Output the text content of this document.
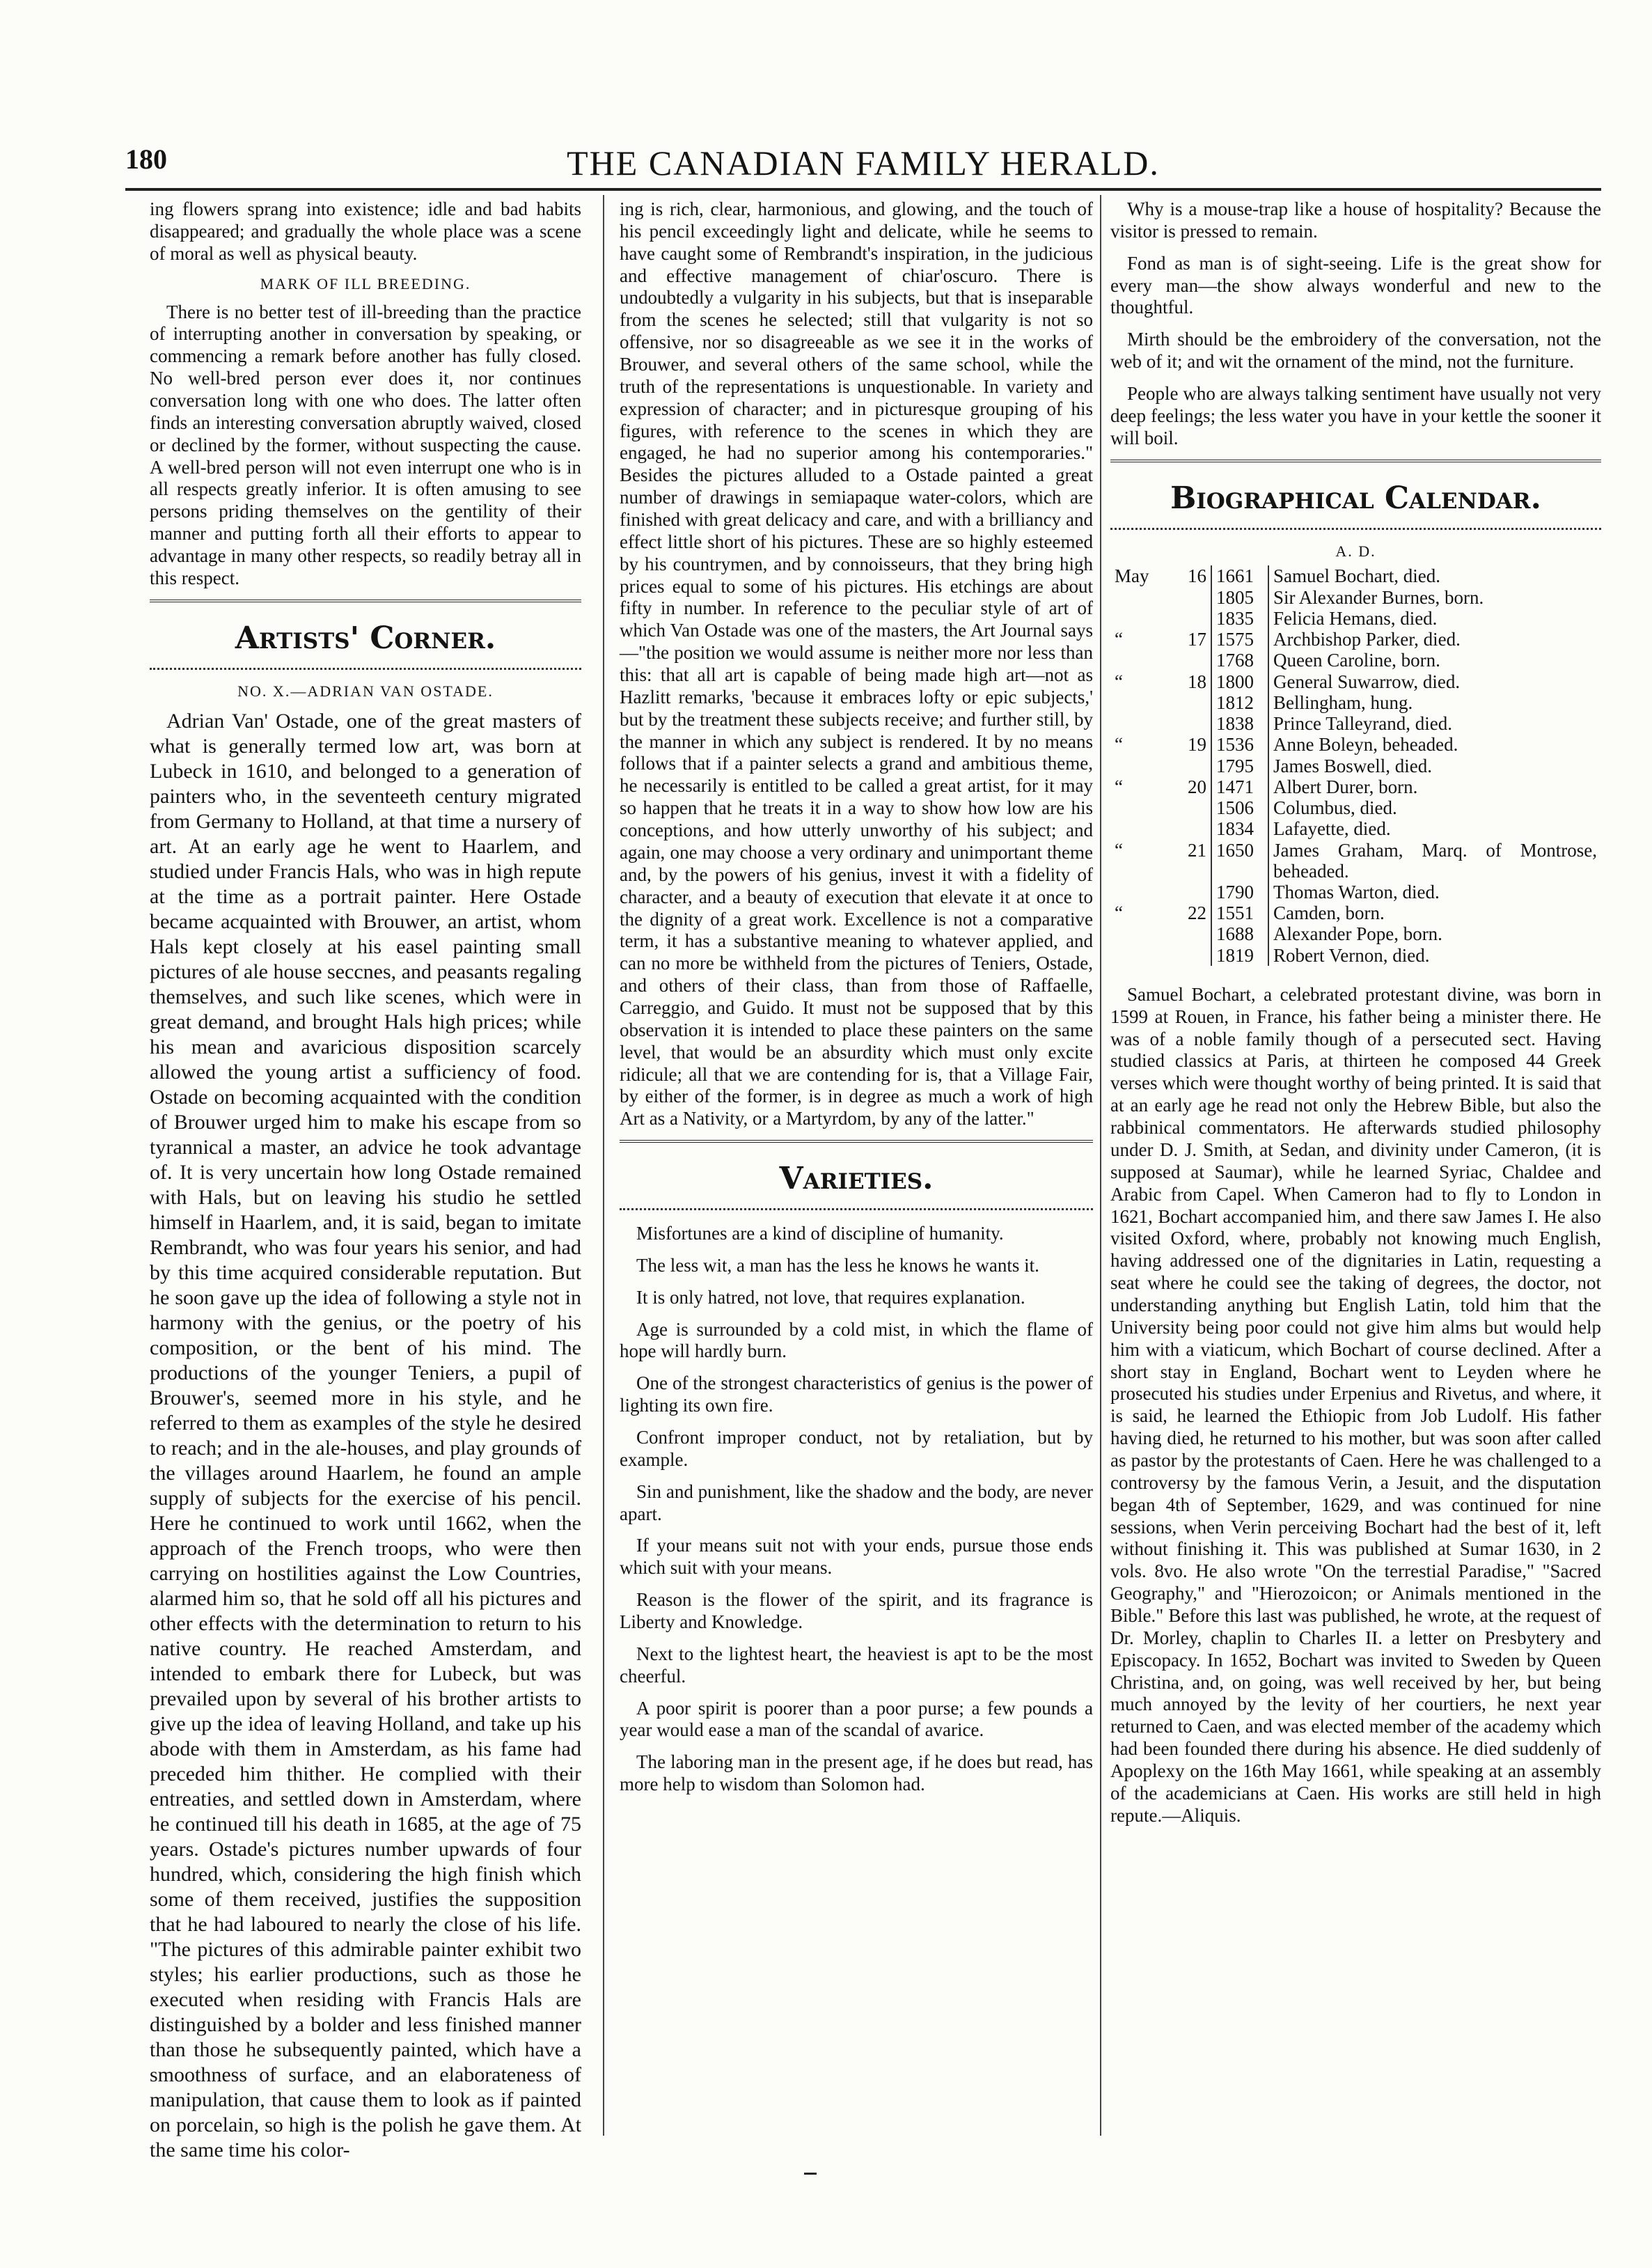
180	THE CANADIAN FAMILY HERALD.

ing flowers sprang into existence; idle and bad habits disappeared; and gradually the whole place was a scene of moral as well as physical beauty.

MARK OF ILL BREEDING.

There is no better test of ill-breeding than the practice of interrupting another in conversation by speaking, or commencing a remark before another has fully closed. No well-bred person ever does it, nor continues conversation long with one who does. The latter often finds an interesting conversation abruptly waived, closed or declined by the former, without suspecting the cause. A well-bred person will not even interrupt one who is in all respects greatly inferior. It is often amusing to see persons priding themselves on the gentility of their manner and putting forth all their efforts to appear to advantage in many other respects, so readily betray all in this respect.

Artists' Corner.
NO. X.—ADRIAN VAN OSTADE.

Adrian Van' Ostade, one of the great masters of what is generally termed low art, was born at Lubeck in 1610, and belonged to a generation of painters who, in the seventeeth century migrated from Germany to Holland, at that time a nursery of art. At an early age he went to Haarlem, and studied under Francis Hals, who was in high repute at the time as a portrait painter. Here Ostade became acquainted with Brouwer, an artist, whom Hals kept closely at his easel painting small pictures of ale house seccnes, and peasants regaling themselves, and such like scenes, which were in great demand, and brought Hals high prices; while his mean and avaricious disposition scarcely allowed the young artist a sufficiency of food. Ostade on becoming acquainted with the condition of Brouwer urged him to make his escape from so tyrannical a master, an advice he took advantage of. It is very uncertain how long Ostade remained with Hals, but on leaving his studio he settled himself in Haarlem, and, it is said, began to imitate Rembrandt, who was four years his senior, and had by this time acquired considerable reputation. But he soon gave up the idea of following a style not in harmony with the genius, or the poetry of his composition, or the bent of his mind. The productions of the younger Teniers, a pupil of Brouwer's, seemed more in his style, and he referred to them as examples of the style he desired to reach; and in the ale-houses, and play grounds of the villages around Haarlem, he found an ample supply of subjects for the exercise of his pencil. Here he continued to work until 1662, when the approach of the French troops, who were then carrying on hostilities against the Low Countries, alarmed him so, that he sold off all his pictures and other effects with the determination to return to his native country. He reached Amsterdam, and intended to embark there for Lubeck, but was prevailed upon by several of his brother artists to give up the idea of leaving Holland, and take up his abode with them in Amsterdam, as his fame had preceded him thither. He complied with their entreaties, and settled down in Amsterdam, where he continued till his death in 1685, at the age of 75 years. Ostade's pictures number upwards of four hundred, which, considering the high finish which some of them received, justifies the supposition that he had laboured to nearly the close of his life. "The pictures of this admirable painter exhibit two styles; his earlier productions, such as those he executed when residing with Francis Hals are distinguished by a bolder and less finished manner than those he subsequently painted, which have a smoothness of surface, and an elaborateness of manipulation, that cause them to look as if painted on porcelain, so high is the polish he gave them. At the same time his color-

ing is rich, clear, harmonious, and glowing, and the touch of his pencil exceedingly light and delicate, while he seems to have caught some of Rembrandt's inspiration, in the judicious and effective management of chiar'oscuro. There is undoubtedly a vulgarity in his subjects, but that is inseparable from the scenes he selected; still that vulgarity is not so offensive, nor so disagreeable as we see it in the works of Brouwer, and several others of the same school, while the truth of the representations is unquestionable. In variety and expression of character; and in picturesque grouping of his figures, with reference to the scenes in which they are engaged, he had no superior among his contemporaries." Besides the pictures alluded to a Ostade painted a great number of drawings in semiapaque water-colors, which are finished with great delicacy and care, and with a brilliancy and effect little short of his pictures. These are so highly esteemed by his countrymen, and by connoisseurs, that they bring high prices equal to some of his pictures. His etchings are about fifty in number. In reference to the peculiar style of art of which Van Ostade was one of the masters, the Art Journal says—"the position we would assume is neither more nor less than this: that all art is capable of being made high art—not as Hazlitt remarks, 'because it embraces lofty or epic subjects,' but by the treatment these subjects receive; and further still, by the manner in which any subject is rendered. It by no means follows that if a painter selects a grand and ambitious theme, he necessarily is entitled to be called a great artist, for it may so happen that he treats it in a way to show how low are his conceptions, and how utterly unworthy of his subject; and again, one may choose a very ordinary and unimportant theme and, by the powers of his genius, invest it with a fidelity of character, and a beauty of execution that elevate it at once to the dignity of a great work. Excellence is not a comparative term, it has a substantive meaning to whatever applied, and can no more be withheld from the pictures of Teniers, Ostade, and others of their class, than from those of Raffaelle, Carreggio, and Guido. It must not be supposed that by this observation it is intended to place these painters on the same level, that would be an absurdity which must only excite ridicule; all that we are contending for is, that a Village Fair, by either of the former, is in degree as much a work of high Art as a Nativity, or a Martyrdom, by any of the latter."

Varieties.

Misfortunes are a kind of discipline of humanity.

The less wit, a man has the less he knows he wants it.

It is only hatred, not love, that requires explanation.

Age is surrounded by a cold mist, in which the flame of hope will hardly burn.

One of the strongest characteristics of genius is the power of lighting its own fire.

Confront improper conduct, not by retaliation, but by example.

Sin and punishment, like the shadow and the body, are never apart.

If your means suit not with your ends, pursue those ends which suit with your means.

Reason is the flower of the spirit, and its fragrance is Liberty and Knowledge.

Next to the lightest heart, the heaviest is apt to be the most cheerful.

A poor spirit is poorer than a poor purse; a few pounds a year would ease a man of the scandal of avarice.

The laboring man in the present age, if he does but read, has more help to wisdom than Solomon had.

Why is a mouse-trap like a house of hospitality? Because the visitor is pressed to remain.

Fond as man is of sight-seeing. Life is the great show for every man—the show always wonderful and new to the thoughtful.

Mirth should be the embroidery of the conversation, not the web of it; and wit the ornament of the mind, not the furniture.

People who are always talking sentiment have usually not very deep feelings; the less water you have in your kettle the sooner it will boil.

Biographical Calendar.
A. D.
May	16	1661	Samuel Bochart, died.
		1805	Sir Alexander Burnes, born.
		1835	Felicia Hemans, died.
“	17	1575	Archbishop Parker, died.
		1768	Queen Caroline, born.
“	18	1800	General Suwarrow, died.
		1812	Bellingham, hung.
		1838	Prince Talleyrand, died.
“	19	1536	Anne Boleyn, beheaded.
		1795	James Boswell, died.
“	20	1471	Albert Durer, born.
		1506	Columbus, died.
		1834	Lafayette, died.
“	21	1650	James Graham, Marq. of Montrose, beheaded.
		1790	Thomas Warton, died.
“	22	1551	Camden, born.
		1688	Alexander Pope, born.
		1819	Robert Vernon, died.

Samuel Bochart, a celebrated protestant divine, was born in 1599 at Rouen, in France, his father being a minister there. He was of a noble family though of a persecuted sect. Having studied classics at Paris, at thirteen he composed 44 Greek verses which were thought worthy of being printed. It is said that at an early age he read not only the Hebrew Bible, but also the rabbinical commentators. He afterwards studied philosophy under D. J. Smith, at Sedan, and divinity under Cameron, (it is supposed at Saumar), while he learned Syriac, Chaldee and Arabic from Capel. When Cameron had to fly to London in 1621, Bochart accompanied him, and there saw James I. He also visited Oxford, where, probably not knowing much English, having addressed one of the dignitaries in Latin, requesting a seat where he could see the taking of degrees, the doctor, not understanding anything but English Latin, told him that the University being poor could not give him alms but would help him with a viaticum, which Bochart of course declined. After a short stay in England, Bochart went to Leyden where he prosecuted his studies under Erpenius and Rivetus, and where, it is said, he learned the Ethiopic from Job Ludolf. His father having died, he returned to his mother, but was soon after called as pastor by the protestants of Caen. Here he was challenged to a controversy by the famous Verin, a Jesuit, and the disputation began 4th of September, 1629, and was continued for nine sessions, when Verin perceiving Bochart had the best of it, left without finishing it. This was published at Sumar 1630, in 2 vols. 8vo. He also wrote "On the terrestial Paradise," "Sacred Geography," and "Hierozoicon; or Animals mentioned in the Bible." Before this last was published, he wrote, at the request of Dr. Morley, chaplin to Charles II. a letter on Presbytery and Episcopacy. In 1652, Bochart was invited to Sweden by Queen Christina, and, on going, was well received by her, but being much annoyed by the levity of her courtiers, he next year returned to Caen, and was elected member of the academy which had been founded there during his absence. He died suddenly of Apoplexy on the 16th May 1661, while speaking at an assembly of the academicians at Caen. His works are still held in high repute.—Aliquis.
